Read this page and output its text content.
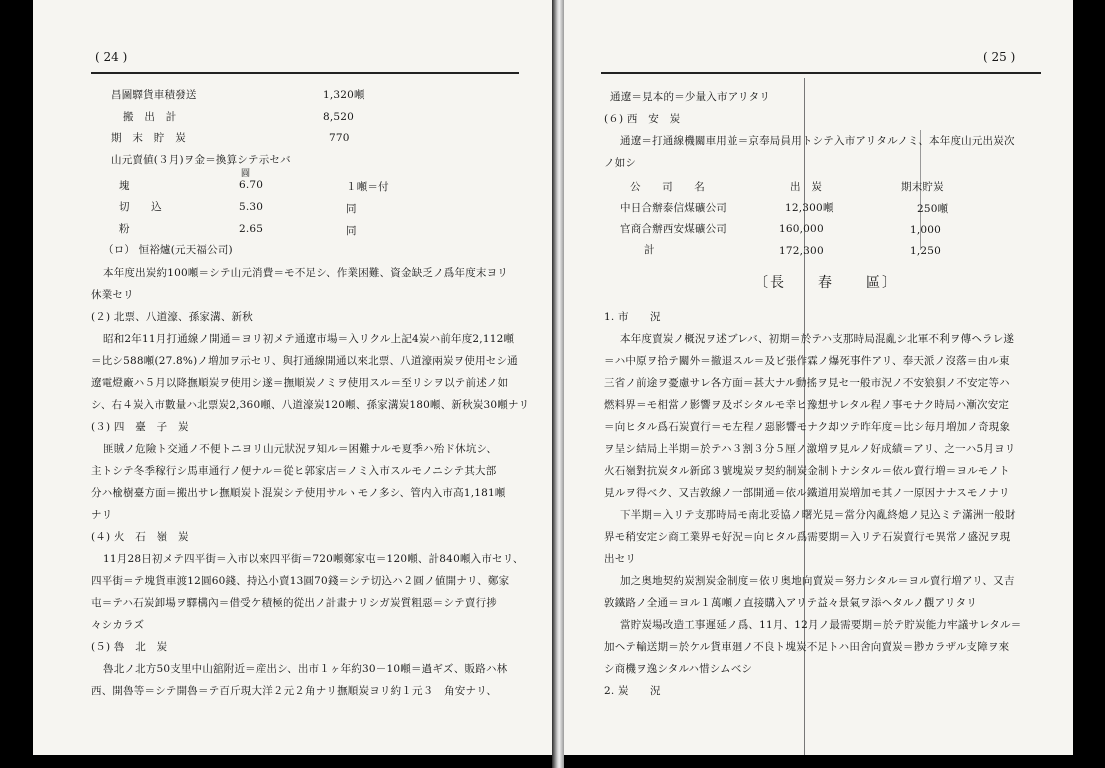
( 24 )
昌圖驛貨車積發送	1,320噸
搬　出　計	8,520
期　末　貯　炭	770
山元賣値(３月)ヲ金＝換算シテ示セバ
圓
塊	6.70	１噸＝付
切　　込	5.30	同
粉	2.65	同
（ロ） 恒裕爐(元天福公司)
本年度出炭約100噸＝シテ山元消費＝モ不足シ、作業困難、資金缺乏ノ爲年度末ヨリ
休業セリ
(２) 北票、八道濠、孫家溝、新秋
昭和2年11月打通線ノ開通＝ヨリ初メテ通遼市場＝入リクル上記4炭ハ前年度2,112噸
＝比シ588噸(27.8%)ノ増加ヲ示セリ、與打通線開通以來北票、八道濠兩炭ヲ使用セシ通
遼電燈廠ハ５月以降撫順炭ヲ使用シ遂＝撫順炭ノミヲ使用スル＝至リシヲ以テ前述ノ如
シ、右４炭入市數量ハ北票炭2,360噸、八道濠炭120噸、孫家溝炭180噸、新秋炭30噸ナリ
(３) 四　臺　子　炭
匪賊ノ危險ト交通ノ不便トニヨリ山元狀況ヲ知ル＝困難ナルモ夏季ハ殆ド休坑シ、
主トシテ冬季稼行シ馬車通行ノ便ナル＝從ヒ郭家店＝ノミ入市スルモノニシテ其大部
分ハ楡樹臺方面＝搬出サレ撫順炭ト混炭シテ使用サルヽモノ多シ、管内入市高1,181噸
ナリ
(４) 火　石　嶺　炭
11月28日初メテ四平街＝入市以來四平街＝720噸鄭家屯＝120噸、計840噸入市セリ、
四平街＝テ塊貨車渡12圓60錢、持込小賣13圓70錢＝シテ切込ハ２圓ノ値開ナリ、鄭家
屯＝テハ石炭卸場ヲ驛構內＝借受ケ積極的從出ノ計畫ナリシガ炭質粗惡＝シテ賣行捗
々シカラズ
(５) 魯　北　炭
魯北ノ北方50支里中山舘附近＝産出シ、出市１ヶ年約30－10噸＝過ギズ、販路ハ林
西、開魯等＝シテ開魯＝テ百斤現大洋２元２角ナリ撫順炭ヨリ約１元３　角安ナリ、
( 25 )
通遼＝見本的＝少量入市アリタリ
(６) 西　安　炭
通遼＝打通線機關車用並＝京奉局員用トシテ入市アリタルノミ、本年度山元出炭次
ノ如シ
公　　司　　名	出　炭	期末貯炭
中日合辦泰信煤礦公司	12,300噸	250噸
官商合辦西安煤礦公司	160,000	1,000
計	172,300	1,250
〔長　　春　　區〕
1. 市　　況
本年度賣炭ノ概況ヲ述ブレバ、初期＝於テハ支那時局混亂シ北軍不利ヲ傳ヘラレ遂
＝ハ中原ヲ拾テ關外＝撤退スル＝及ビ張作霖ノ爆死事件アリ、奉天派ノ沒落＝由ル東
三省ノ前途ヲ憂慮サレ各方面＝甚大ナル動搖ヲ見セ一般市況ノ不安狼狽ノ不安定等ハ
燃料界＝モ相當ノ影響ヲ及ボシタルモ幸ヒ豫想サレタル程ノ事モナク時局ハ漸次安定
＝向ヒタル爲石炭賣行＝モ左程ノ惡影響モナク却ツテ昨年度＝比シ毎月増加ノ奇現象
ヲ呈シ結局上半期＝於テハ３割３分５厘ノ激増ヲ見ルノ好成績＝アリ、之一ハ5月ヨリ
火石嶺對抗炭タル新邱３號塊炭ヲ契約制炭金制トナシタル＝依ル賣行増＝ヨルモノト
見ルヲ得ベク、又吉敦線ノ一部開通＝依ル鐵道用炭増加モ其ノ一原因ナナスモノナリ
下半期＝入リテ支那時局モ南北妥協ノ曙光見＝當分內亂終熄ノ見込ミテ滿洲一般財
界モ稍安定シ商工業界モ好況＝向ヒタル爲需要期＝入リテ石炭賣行モ異常ノ盛況ヲ現
出セリ
加之奥地契約炭割炭金制度＝依リ奥地向賣炭＝努力シタル＝ヨル賣行増アリ、又吉
敦鐵路ノ全通＝ヨル１萬噸ノ直接購入アリテ益々景氣ヲ添ヘタルノ觀アリタリ
當貯炭場改造工事遲延ノ爲、11月、12月ノ最需要期＝於テ貯炭能力牢議サレタル＝
加ヘテ輸送期＝於ケル貨車廻ノ不良ト塊炭不足トハ田舍向賣炭＝尠カラザル支障ヲ來
シ商機ヲ逸シタルハ惜シムベシ
2. 炭　　況
